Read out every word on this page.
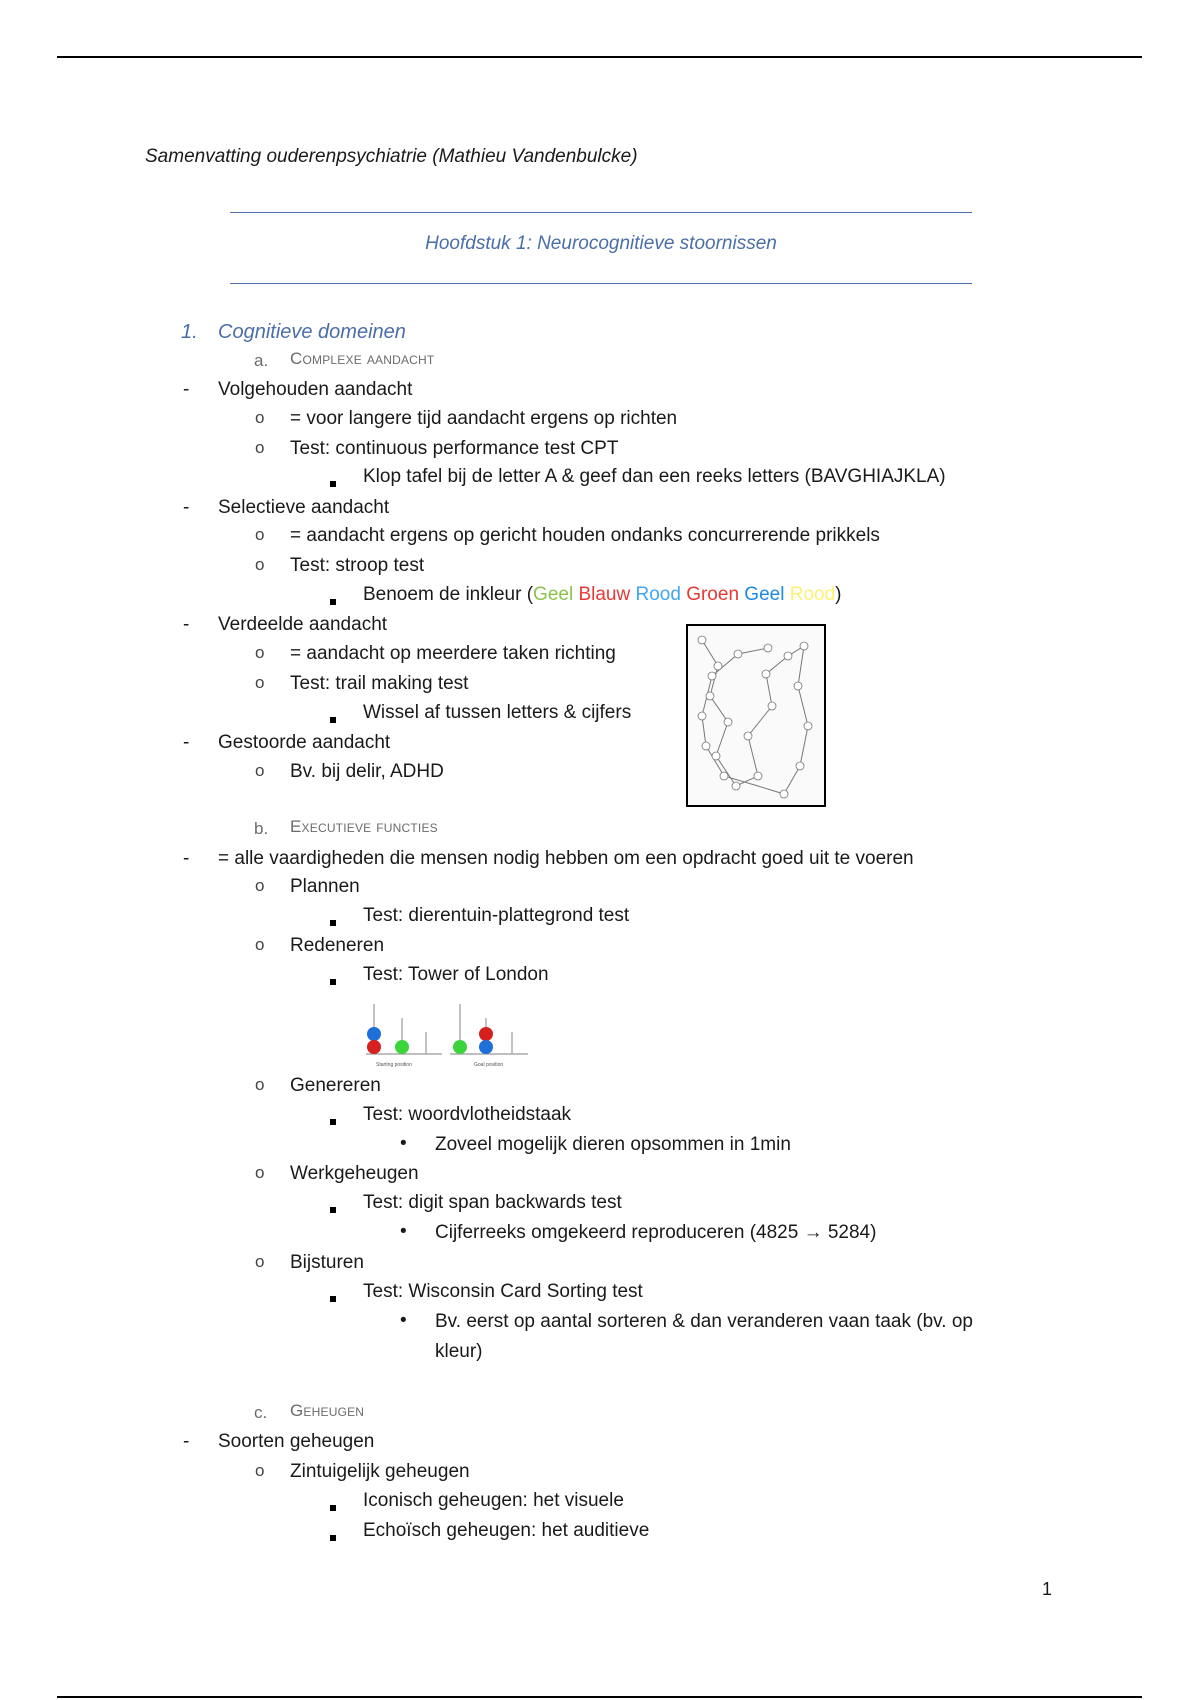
Samenvatting ouderenpsychiatrie (Mathieu Vandenbulcke)
Hoofdstuk 1: Neurocognitieve stoornissen
1. Cognitieve domeinen
a. Complexe aandacht
- Volgehouden aandacht
o = voor langere tijd aandacht ergens op richten
o Test: continuous performance test CPT
Klop tafel bij de letter A & geef dan een reeks letters (BAVGHIAJKLA)
- Selectieve aandacht
o = aandacht ergens op gericht houden ondanks concurrerende prikkels
o Test: stroop test
Benoem de inkleur (Geel Blauw Rood Groen Geel Rood)
- Verdeelde aandacht
o = aandacht op meerdere taken richting
o Test: trail making test
Wissel af tussen letters & cijfers
- Gestoorde aandacht
o Bv. bij delir, ADHD
b. Executieve functies
- = alle vaardigheden die mensen nodig hebben om een opdracht goed uit te voeren
o Plannen
Test: dierentuin-plattegrond test
o Redeneren
Test: Tower of London
Starting position	Goal position
o Genereren
Test: woordvlotheidstaak
• Zoveel mogelijk dieren opsommen in 1min
o Werkgeheugen
Test: digit span backwards test
• Cijferreeks omgekeerd reproduceren (4825 → 5284)
o Bijsturen
Test: Wisconsin Card Sorting test
• Bv. eerst op aantal sorteren & dan veranderen vaan taak (bv. op
kleur)
c. Geheugen
- Soorten geheugen
o Zintuigelijk geheugen
Iconisch geheugen: het visuele
Echoïsch geheugen: het auditieve
1
